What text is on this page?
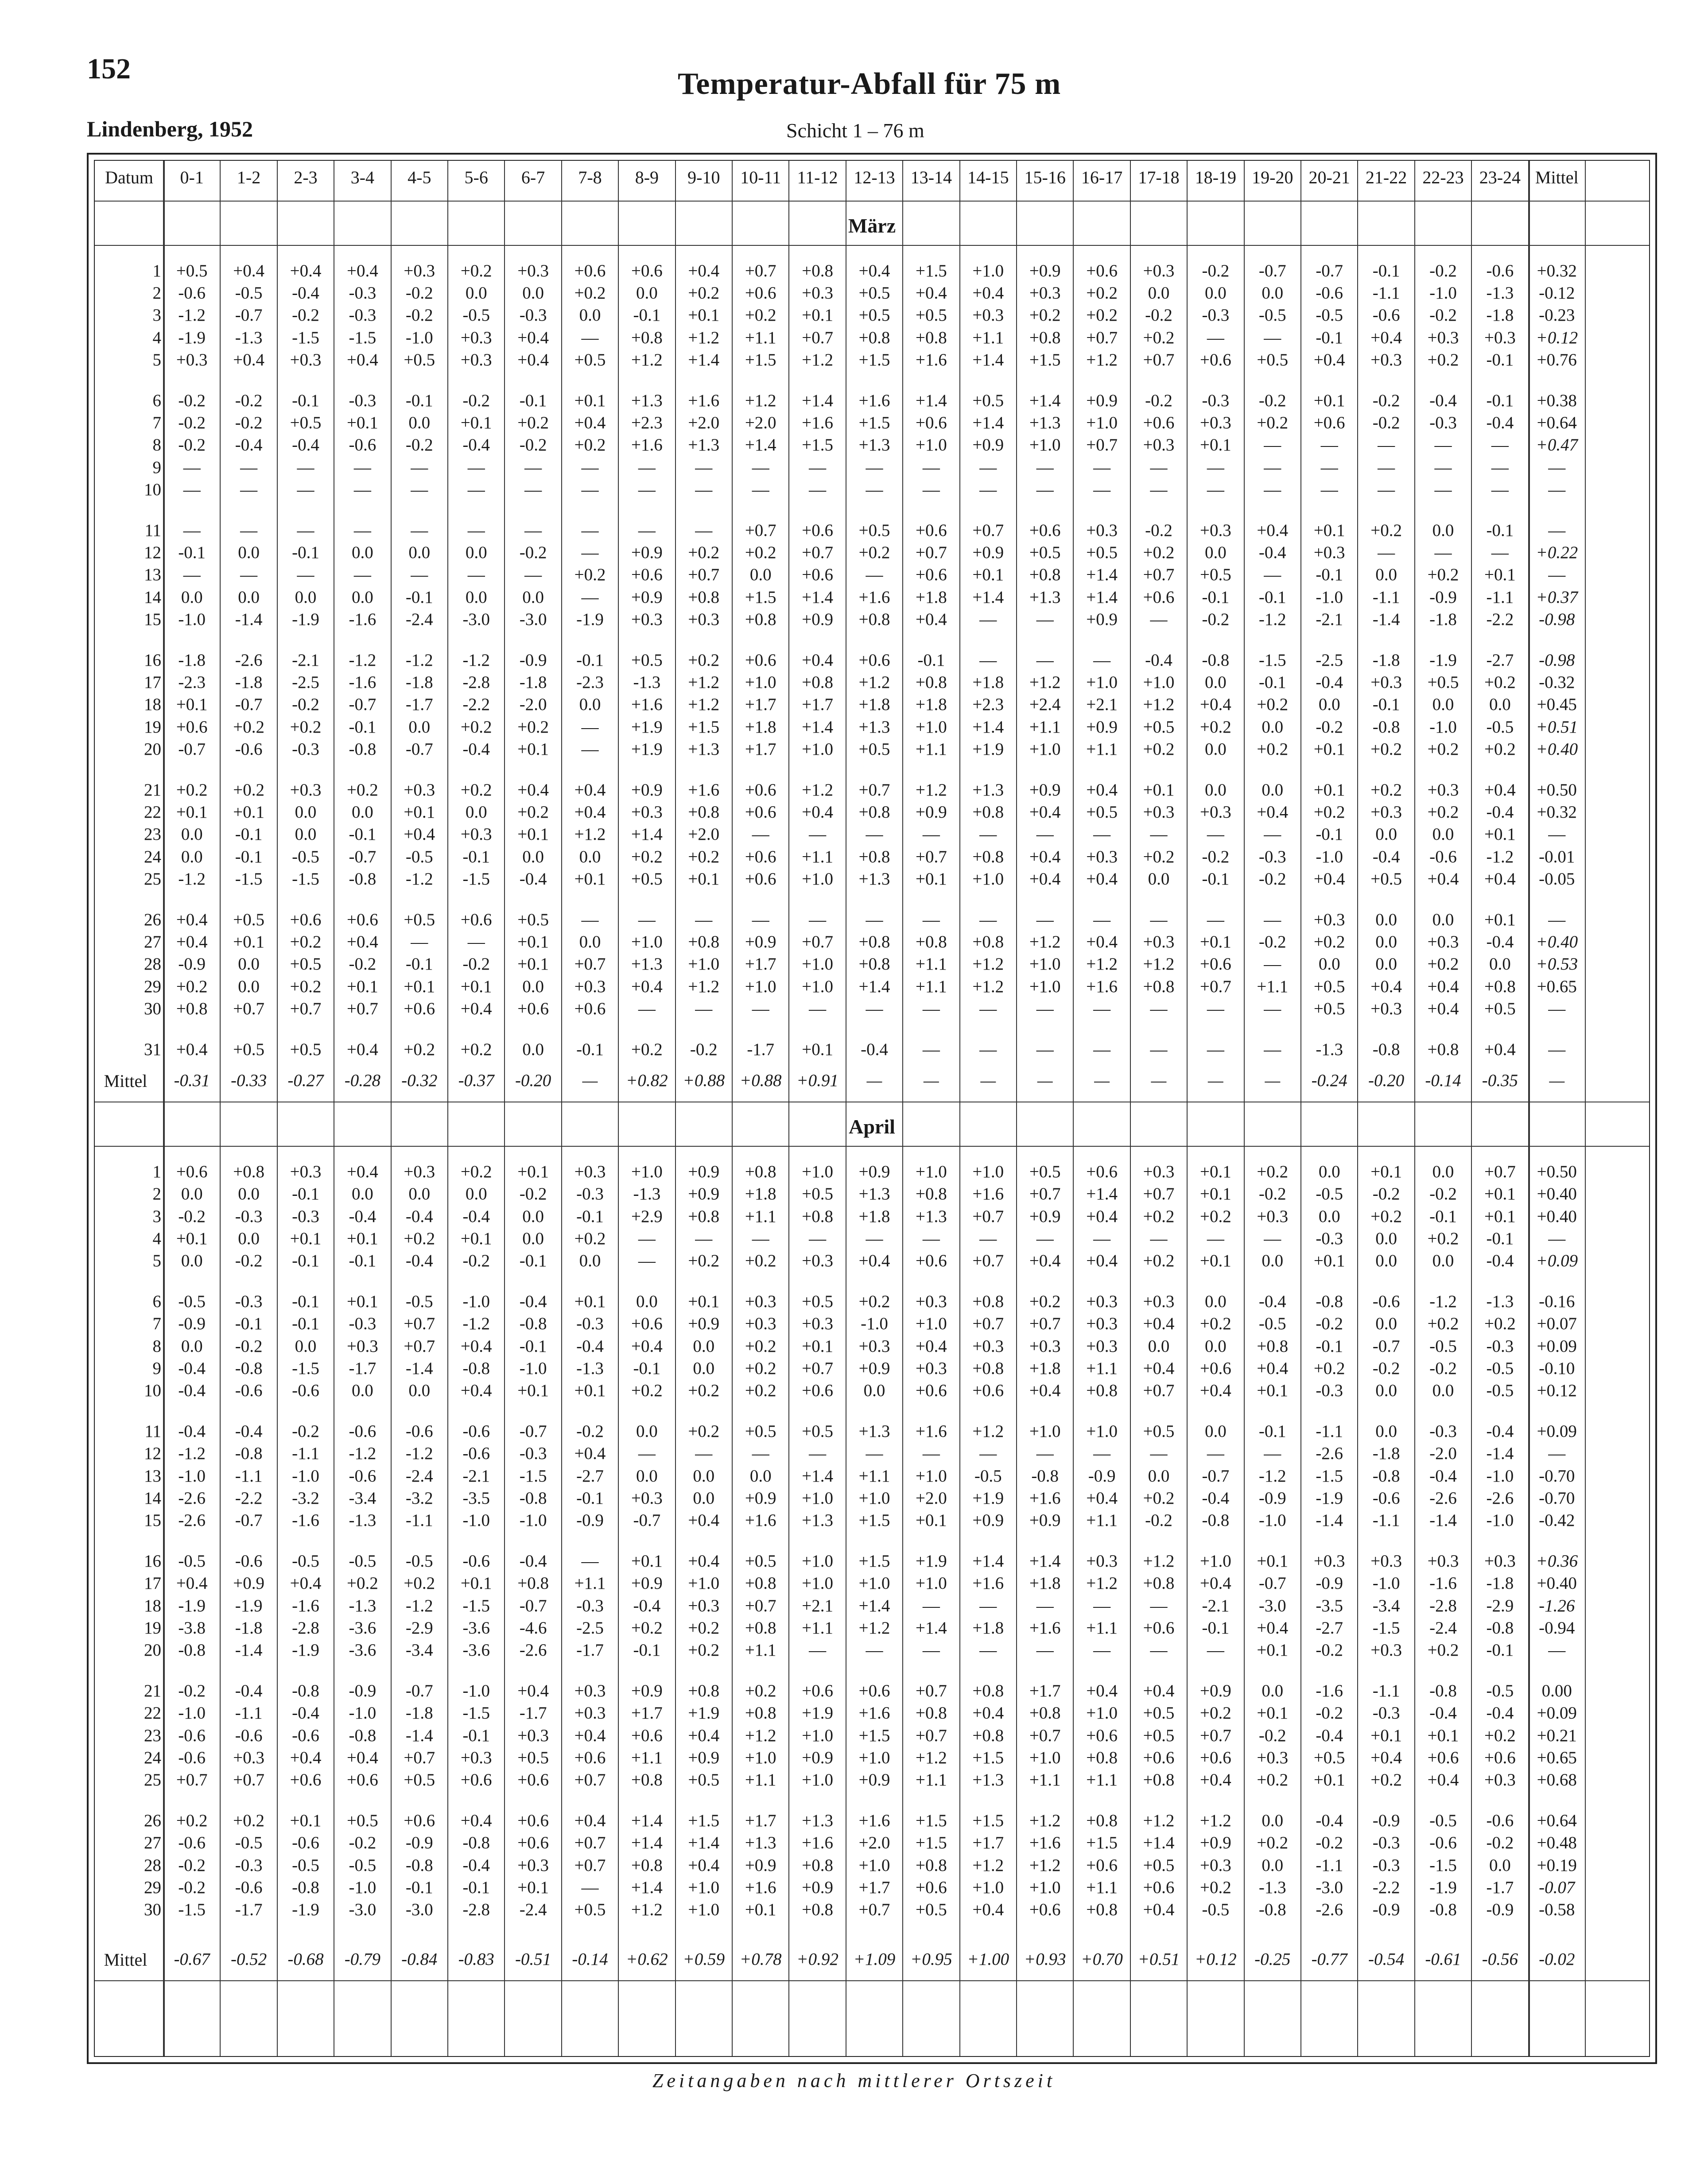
152
Lindenberg, 1952
Temperatur-Abfall für 75 m
Schicht 1 – 76 m
Datum	0-1	1-2	2-3	3-4	4-5	5-6	6-7	7-8	8-9	9-10	10-11 11-12 12-13 13-14 14-15 15-16 16-17 17-18 18-19 19-20 20-21 21-22 22-23 23-24 Mittel
März
1 +0.5	+0.4	+0.4	+0.4	+0.3	+0.2	+0.3	+0.6	+0.6	+0.4	+0.7	+0.8	+0.4	+1.5	+1.0	+0.9	+0.6	+0.3	-0.2	-0.7	-0.7	-0.1	-0.2	-0.6	+0.32
2 -0.6	-0.5	-0.4	-0.3	-0.2	0.0	0.0	+0.2	0.0	+0.2	+0.6	+0.3	+0.5	+0.4	+0.4	+0.3	+0.2	0.0	0.0	0.0	-0.6	-1.1	-1.0	-1.3	-0.12
3 -1.2	-0.7	-0.2	-0.3	-0.2	-0.5	-0.3	0.0	-0.1	+0.1	+0.2	+0.1	+0.5	+0.5	+0.3	+0.2	+0.2	-0.2	-0.3	-0.5	-0.5	-0.6	-0.2	-1.8	-0.23
4 -1.9	-1.3	-1.5	-1.5	-1.0	+0.3	+0.4	—	+0.8	+1.2	+1.1	+0.7	+0.8	+0.8	+1.1	+0.8	+0.7	+0.2	—	—	-0.1	+0.4	+0.3	+0.3	+0.12
5 +0.3	+0.4	+0.3	+0.4	+0.5	+0.3	+0.4	+0.5	+1.2	+1.4	+1.5	+1.2	+1.5	+1.6	+1.4	+1.5	+1.2	+0.7	+0.6	+0.5	+0.4	+0.3	+0.2	-0.1	+0.76
6 -0.2	-0.2	-0.1	-0.3	-0.1	-0.2	-0.1	+0.1	+1.3	+1.6	+1.2	+1.4	+1.6	+1.4	+0.5	+1.4	+0.9	-0.2	-0.3	-0.2	+0.1	-0.2	-0.4	-0.1	+0.38
7 -0.2	-0.2	+0.5	+0.1	0.0	+0.1	+0.2	+0.4	+2.3	+2.0	+2.0	+1.6	+1.5	+0.6	+1.4	+1.3	+1.0	+0.6	+0.3	+0.2	+0.6	-0.2	-0.3	-0.4	+0.64
8 -0.2	-0.4	-0.4	-0.6	-0.2	-0.4	-0.2	+0.2	+1.6	+1.3	+1.4	+1.5	+1.3	+1.0	+0.9	+1.0	+0.7	+0.3	+0.1	—	—	—	—	—	+0.47
9	—	—	—	—	—	—	—	—	—	—	—	—	—	—	—	—	—	—	—	—	—	—	—	—	—
10	—	—	—	—	—	—	—	—	—	—	—	—	—	—	—	—	—	—	—	—	—	—	—	—	—
11	—	—	—	—	—	—	—	—	—	—	+0.7	+0.6	+0.5	+0.6	+0.7	+0.6	+0.3	-0.2	+0.3	+0.4	+0.1	+0.2	0.0	-0.1	—
12 -0.1	0.0	-0.1	0.0	0.0	0.0	-0.2	—	+0.9	+0.2	+0.2	+0.7	+0.2	+0.7	+0.9	+0.5	+0.5	+0.2	0.0	-0.4	+0.3	—	—	—	+0.22
13	—	—	—	—	—	—	—	+0.2	+0.6	+0.7	0.0	+0.6	—	+0.6	+0.1	+0.8	+1.4	+0.7	+0.5	—	-0.1	0.0	+0.2	+0.1	—
14	0.0	0.0	0.0	0.0	-0.1	0.0	0.0	—	+0.9	+0.8	+1.5	+1.4	+1.6	+1.8	+1.4	+1.3	+1.4	+0.6	-0.1	-0.1	-1.0	-1.1	-0.9	-1.1	+0.37
15 -1.0	-1.4	-1.9	-1.6	-2.4	-3.0	-3.0	-1.9	+0.3	+0.3	+0.8	+0.9	+0.8	+0.4	—	—	+0.9	—	-0.2	-1.2	-2.1	-1.4	-1.8	-2.2	-0.98
16 -1.8	-2.6	-2.1	-1.2	-1.2	-1.2	-0.9	-0.1	+0.5	+0.2	+0.6	+0.4	+0.6	-0.1	—	—	—	-0.4	-0.8	-1.5	-2.5	-1.8	-1.9	-2.7	-0.98
17 -2.3	-1.8	-2.5	-1.6	-1.8	-2.8	-1.8	-2.3	-1.3	+1.2	+1.0	+0.8	+1.2	+0.8	+1.8	+1.2	+1.0	+1.0	0.0	-0.1	-0.4	+0.3	+0.5	+0.2	-0.32
18 +0.1	-0.7	-0.2	-0.7	-1.7	-2.2	-2.0	0.0	+1.6	+1.2	+1.7	+1.7	+1.8	+1.8	+2.3	+2.4	+2.1	+1.2	+0.4	+0.2	0.0	-0.1	0.0	0.0	+0.45
19 +0.6	+0.2	+0.2	-0.1	0.0	+0.2	+0.2	—	+1.9	+1.5	+1.8	+1.4	+1.3	+1.0	+1.4	+1.1	+0.9	+0.5	+0.2	0.0	-0.2	-0.8	-1.0	-0.5	+0.51
20 -0.7	-0.6	-0.3	-0.8	-0.7	-0.4	+0.1	—	+1.9	+1.3	+1.7	+1.0	+0.5	+1.1	+1.9	+1.0	+1.1	+0.2	0.0	+0.2	+0.1	+0.2	+0.2	+0.2	+0.40
21 +0.2	+0.2	+0.3	+0.2	+0.3	+0.2	+0.4	+0.4	+0.9	+1.6	+0.6	+1.2	+0.7	+1.2	+1.3	+0.9	+0.4	+0.1	0.0	0.0	+0.1	+0.2	+0.3	+0.4	+0.50
22 +0.1	+0.1	0.0	0.0	+0.1	0.0	+0.2	+0.4	+0.3	+0.8	+0.6	+0.4	+0.8	+0.9	+0.8	+0.4	+0.5	+0.3	+0.3	+0.4	+0.2	+0.3	+0.2	-0.4	+0.32
23	0.0	-0.1	0.0	-0.1	+0.4	+0.3	+0.1	+1.2	+1.4	+2.0	—	—	—	—	—	—	—	—	—	—	-0.1	0.0	0.0	+0.1	—
24	0.0	-0.1	-0.5	-0.7	-0.5	-0.1	0.0	0.0	+0.2	+0.2	+0.6	+1.1	+0.8	+0.7	+0.8	+0.4	+0.3	+0.2	-0.2	-0.3	-1.0	-0.4	-0.6	-1.2	-0.01
25 -1.2	-1.5	-1.5	-0.8	-1.2	-1.5	-0.4	+0.1	+0.5	+0.1	+0.6	+1.0	+1.3	+0.1	+1.0	+0.4	+0.4	0.0	-0.1	-0.2	+0.4	+0.5	+0.4	+0.4	-0.05
26 +0.4	+0.5	+0.6	+0.6	+0.5	+0.6	+0.5	—	—	—	—	—	—	—	—	—	—	—	—	—	+0.3	0.0	0.0	+0.1	—
27 +0.4	+0.1	+0.2	+0.4	—	—	+0.1	0.0	+1.0	+0.8	+0.9	+0.7	+0.8	+0.8	+0.8	+1.2	+0.4	+0.3	+0.1	-0.2	+0.2	0.0	+0.3	-0.4	+0.40
28 -0.9	0.0	+0.5	-0.2	-0.1	-0.2	+0.1	+0.7	+1.3	+1.0	+1.7	+1.0	+0.8	+1.1	+1.2	+1.0	+1.2	+1.2	+0.6	—	0.0	0.0	+0.2	0.0	+0.53
29 +0.2	0.0	+0.2	+0.1	+0.1	+0.1	0.0	+0.3	+0.4	+1.2	+1.0	+1.0	+1.4	+1.1	+1.2	+1.0	+1.6	+0.8	+0.7	+1.1	+0.5	+0.4	+0.4	+0.8	+0.65
30 +0.8	+0.7	+0.7	+0.7	+0.6	+0.4	+0.6	+0.6	—	—	—	—	—	—	—	—	—	—	—	—	+0.5	+0.3	+0.4	+0.5	—
31 +0.4	+0.5	+0.5	+0.4	+0.2	+0.2	0.0	-0.1	+0.2	-0.2	-1.7	+0.1	-0.4	—	—	—	—	—	—	—	-1.3	-0.8	+0.8	+0.4	—
Mittel	-0.31	-0.33	-0.27	-0.28	-0.32	-0.37	-0.20	—	+0.82 +0.88 +0.88 +0.91	—	—	—	—	—	—	—	—	-0.24	-0.20	-0.14	-0.35	—
April
1 +0.6	+0.8	+0.3	+0.4	+0.3	+0.2	+0.1	+0.3	+1.0	+0.9	+0.8	+1.0	+0.9	+1.0	+1.0	+0.5	+0.6	+0.3	+0.1	+0.2	0.0	+0.1	0.0	+0.7	+0.50
2	0.0	0.0	-0.1	0.0	0.0	0.0	-0.2	-0.3	-1.3	+0.9	+1.8	+0.5	+1.3	+0.8	+1.6	+0.7	+1.4	+0.7	+0.1	-0.2	-0.5	-0.2	-0.2	+0.1	+0.40
3 -0.2	-0.3	-0.3	-0.4	-0.4	-0.4	0.0	-0.1	+2.9	+0.8	+1.1	+0.8	+1.8	+1.3	+0.7	+0.9	+0.4	+0.2	+0.2	+0.3	0.0	+0.2	-0.1	+0.1	+0.40
4 +0.1	0.0	+0.1	+0.1	+0.2	+0.1	0.0	+0.2	—	—	—	—	—	—	—	—	—	—	—	—	-0.3	0.0	+0.2	-0.1	—
5	0.0	-0.2	-0.1	-0.1	-0.4	-0.2	-0.1	0.0	—	+0.2	+0.2	+0.3	+0.4	+0.6	+0.7	+0.4	+0.4	+0.2	+0.1	0.0	+0.1	0.0	0.0	-0.4	+0.09
6 -0.5	-0.3	-0.1	+0.1	-0.5	-1.0	-0.4	+0.1	0.0	+0.1	+0.3	+0.5	+0.2	+0.3	+0.8	+0.2	+0.3	+0.3	0.0	-0.4	-0.8	-0.6	-1.2	-1.3	-0.16
7 -0.9	-0.1	-0.1	-0.3	+0.7	-1.2	-0.8	-0.3	+0.6	+0.9	+0.3	+0.3	-1.0	+1.0	+0.7	+0.7	+0.3	+0.4	+0.2	-0.5	-0.2	0.0	+0.2	+0.2	+0.07
8	0.0	-0.2	0.0	+0.3	+0.7	+0.4	-0.1	-0.4	+0.4	0.0	+0.2	+0.1	+0.3	+0.4	+0.3	+0.3	+0.3	0.0	0.0	+0.8	-0.1	-0.7	-0.5	-0.3	+0.09
9 -0.4	-0.8	-1.5	-1.7	-1.4	-0.8	-1.0	-1.3	-0.1	0.0	+0.2	+0.7	+0.9	+0.3	+0.8	+1.8	+1.1	+0.4	+0.6	+0.4	+0.2	-0.2	-0.2	-0.5	-0.10
10 -0.4	-0.6	-0.6	0.0	0.0	+0.4	+0.1	+0.1	+0.2	+0.2	+0.2	+0.6	0.0	+0.6	+0.6	+0.4	+0.8	+0.7	+0.4	+0.1	-0.3	0.0	0.0	-0.5	+0.12
11 -0.4	-0.4	-0.2	-0.6	-0.6	-0.6	-0.7	-0.2	0.0	+0.2	+0.5	+0.5	+1.3	+1.6	+1.2	+1.0	+1.0	+0.5	0.0	-0.1	-1.1	0.0	-0.3	-0.4	+0.09
12 -1.2	-0.8	-1.1	-1.2	-1.2	-0.6	-0.3	+0.4	—	—	—	—	—	—	—	—	—	—	—	—	-2.6	-1.8	-2.0	-1.4	—
13 -1.0	-1.1	-1.0	-0.6	-2.4	-2.1	-1.5	-2.7	0.0	0.0	0.0	+1.4	+1.1	+1.0	-0.5	-0.8	-0.9	0.0	-0.7	-1.2	-1.5	-0.8	-0.4	-1.0	-0.70
14 -2.6	-2.2	-3.2	-3.4	-3.2	-3.5	-0.8	-0.1	+0.3	0.0	+0.9	+1.0	+1.0	+2.0	+1.9	+1.6	+0.4	+0.2	-0.4	-0.9	-1.9	-0.6	-2.6	-2.6	-0.70
15 -2.6	-0.7	-1.6	-1.3	-1.1	-1.0	-1.0	-0.9	-0.7	+0.4	+1.6	+1.3	+1.5	+0.1	+0.9	+0.9	+1.1	-0.2	-0.8	-1.0	-1.4	-1.1	-1.4	-1.0	-0.42
16 -0.5	-0.6	-0.5	-0.5	-0.5	-0.6	-0.4	—	+0.1	+0.4	+0.5	+1.0	+1.5	+1.9	+1.4	+1.4	+0.3	+1.2	+1.0	+0.1	+0.3	+0.3	+0.3	+0.3	+0.36
17 +0.4	+0.9	+0.4	+0.2	+0.2	+0.1	+0.8	+1.1	+0.9	+1.0	+0.8	+1.0	+1.0	+1.0	+1.6	+1.8	+1.2	+0.8	+0.4	-0.7	-0.9	-1.0	-1.6	-1.8	+0.40
18 -1.9	-1.9	-1.6	-1.3	-1.2	-1.5	-0.7	-0.3	-0.4	+0.3	+0.7	+2.1	+1.4	—	—	—	—	—	-2.1	-3.0	-3.5	-3.4	-2.8	-2.9	-1.26
19 -3.8	-1.8	-2.8	-3.6	-2.9	-3.6	-4.6	-2.5	+0.2	+0.2	+0.8	+1.1	+1.2	+1.4	+1.8	+1.6	+1.1	+0.6	-0.1	+0.4	-2.7	-1.5	-2.4	-0.8	-0.94
20 -0.8	-1.4	-1.9	-3.6	-3.4	-3.6	-2.6	-1.7	-0.1	+0.2	+1.1	—	—	—	—	—	—	—	—	+0.1	-0.2	+0.3	+0.2	-0.1	—
21 -0.2	-0.4	-0.8	-0.9	-0.7	-1.0	+0.4	+0.3	+0.9	+0.8	+0.2	+0.6	+0.6	+0.7	+0.8	+1.7	+0.4	+0.4	+0.9	0.0	-1.6	-1.1	-0.8	-0.5	0.00
22 -1.0	-1.1	-0.4	-1.0	-1.8	-1.5	-1.7	+0.3	+1.7	+1.9	+0.8	+1.9	+1.6	+0.8	+0.4	+0.8	+1.0	+0.5	+0.2	+0.1	-0.2	-0.3	-0.4	-0.4	+0.09
23 -0.6	-0.6	-0.6	-0.8	-1.4	-0.1	+0.3	+0.4	+0.6	+0.4	+1.2	+1.0	+1.5	+0.7	+0.8	+0.7	+0.6	+0.5	+0.7	-0.2	-0.4	+0.1	+0.1	+0.2	+0.21
24 -0.6	+0.3	+0.4	+0.4	+0.7	+0.3	+0.5	+0.6	+1.1	+0.9	+1.0	+0.9	+1.0	+1.2	+1.5	+1.0	+0.8	+0.6	+0.6	+0.3	+0.5	+0.4	+0.6	+0.6	+0.65
25 +0.7	+0.7	+0.6	+0.6	+0.5	+0.6	+0.6	+0.7	+0.8	+0.5	+1.1	+1.0	+0.9	+1.1	+1.3	+1.1	+1.1	+0.8	+0.4	+0.2	+0.1	+0.2	+0.4	+0.3	+0.68
26 +0.2	+0.2	+0.1	+0.5	+0.6	+0.4	+0.6	+0.4	+1.4	+1.5	+1.7	+1.3	+1.6	+1.5	+1.5	+1.2	+0.8	+1.2	+1.2	0.0	-0.4	-0.9	-0.5	-0.6	+0.64
27 -0.6	-0.5	-0.6	-0.2	-0.9	-0.8	+0.6	+0.7	+1.4	+1.4	+1.3	+1.6	+2.0	+1.5	+1.7	+1.6	+1.5	+1.4	+0.9	+0.2	-0.2	-0.3	-0.6	-0.2	+0.48
28 -0.2	-0.3	-0.5	-0.5	-0.8	-0.4	+0.3	+0.7	+0.8	+0.4	+0.9	+0.8	+1.0	+0.8	+1.2	+1.2	+0.6	+0.5	+0.3	0.0	-1.1	-0.3	-1.5	0.0	+0.19
29 -0.2	-0.6	-0.8	-1.0	-0.1	-0.1	+0.1	—	+1.4	+1.0	+1.6	+0.9	+1.7	+0.6	+1.0	+1.0	+1.1	+0.6	+0.2	-1.3	-3.0	-2.2	-1.9	-1.7	-0.07
30 -1.5	-1.7	-1.9	-3.0	-3.0	-2.8	-2.4	+0.5	+1.2	+1.0	+0.1	+0.8	+0.7	+0.5	+0.4	+0.6	+0.8	+0.4	-0.5	-0.8	-2.6	-0.9	-0.8	-0.9	-0.58
Mittel	-0.67	-0.52	-0.68	-0.79	-0.84	-0.83	-0.51	-0.14	+0.62 +0.59 +0.78 +0.92 +1.09 +0.95 +1.00 +0.93 +0.70 +0.51 +0.12	-0.25	-0.77	-0.54	-0.61	-0.56	-0.02
Zeitangaben nach mittlerer Ortszeit
